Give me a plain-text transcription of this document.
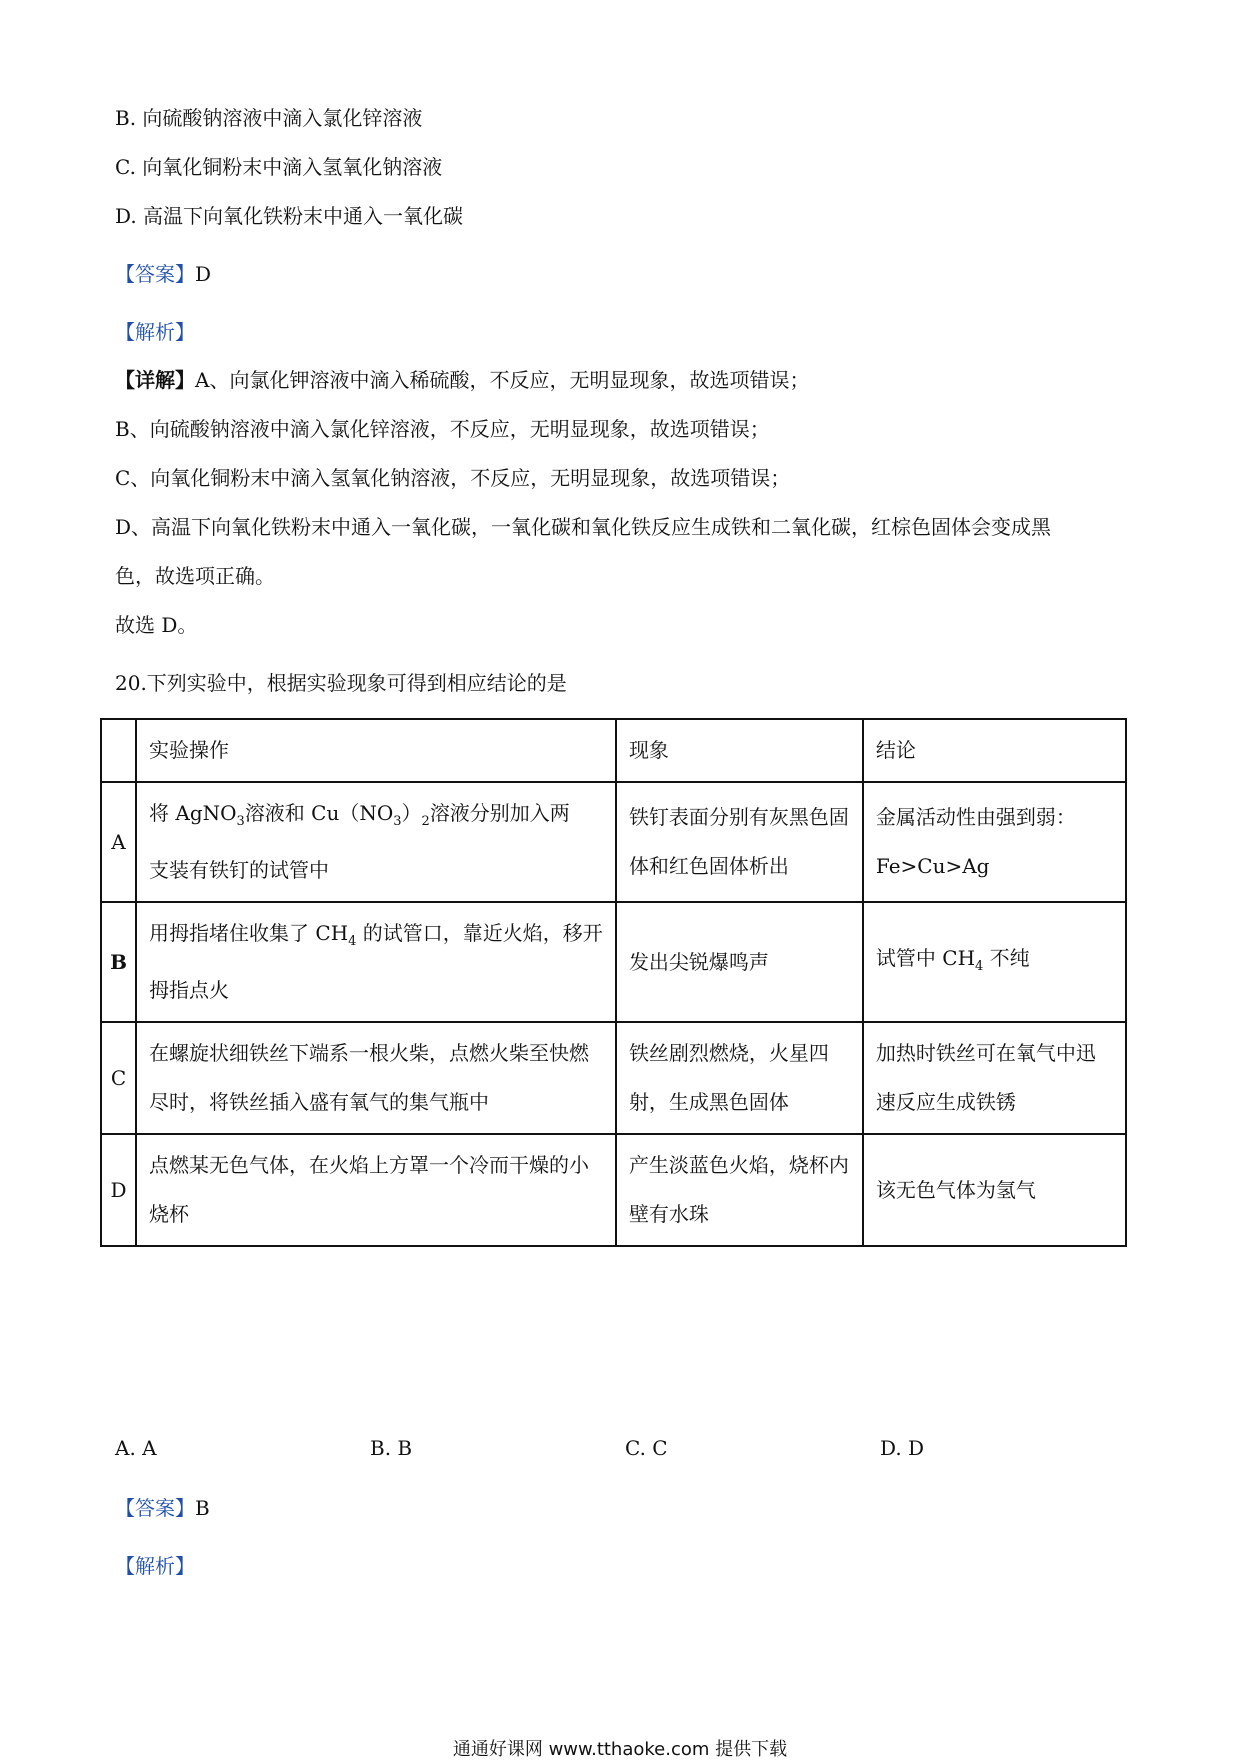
B. 向硫酸钠溶液中滴入氯化锌溶液
C. 向氧化铜粉末中滴入氢氧化钠溶液
D. 高温下向氧化铁粉末中通入一氧化碳
【答案】D
【解析】
【详解】A、向氯化钾溶液中滴入稀硫酸，不反应，无明显现象，故选项错误；
B、向硫酸钠溶液中滴入氯化锌溶液，不反应，无明显现象，故选项错误；
C、向氧化铜粉末中滴入氢氧化钠溶液，不反应，无明显现象，故选项错误；
D、高温下向氧化铁粉末中通入一氧化碳，一氧化碳和氧化铁反应生成铁和二氧化碳，红棕色固体会变成黑
色，故选项正确。
故选 D。
20.下列实验中，根据实验现象可得到相应结论的是
	实验操作	现象	结论
A	将 AgNO$_3$溶液和 $Cu(NO_3)_2$溶液分别加入两
支装有铁钉的试管中	铁钉表面分别有灰黑色固体和红色固体析出	金属活动性由强到弱：Fe>Cu>Ag
B	用拇指堵住收集了 $CH_4$ 的试管口，靠近火焰，移开拇指点火	发出尖锐爆鸣声	试管中 $CH_4$ 不纯
C	在螺旋状细铁丝下端系一根火柴，点燃火柴至快燃尽时，将铁丝插入盛有氧气的集气瓶中	铁丝剧烈燃烧，火星四射，生成黑色固体	加热时铁丝可在氧气中迅速反应生成铁锈
D	点燃某无色气体，在火焰上方罩一个冷而干燥的小烧杯	产生淡蓝色火焰，烧杯内壁有水珠	该无色气体为氢气
A. A	B. B	C. C	D. D
【答案】B
【解析】
通通好课网 www.tthaoke.com 提供下载
